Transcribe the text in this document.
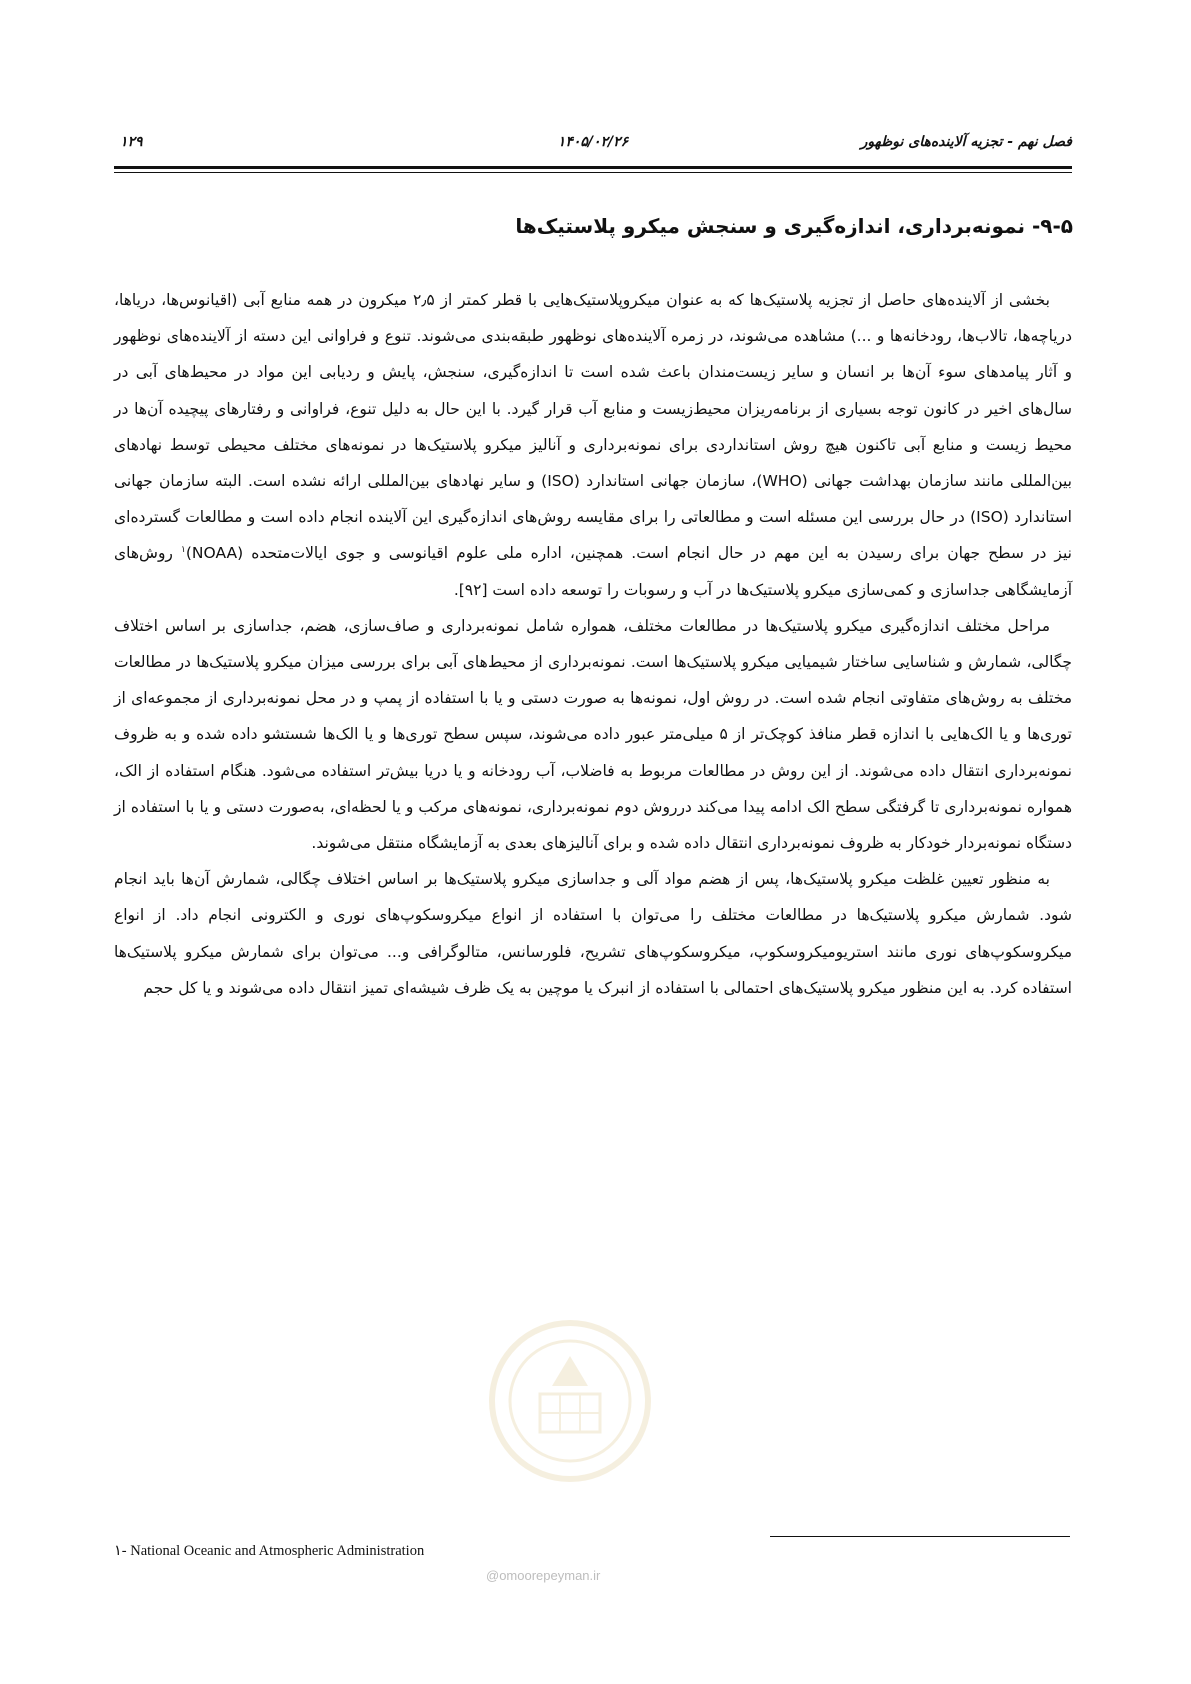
فصل نهم - تجزیه آلاینده‌های نوظهور
۱۴۰۵/۰۲/۲۶
۱۲۹
۹-۵- نمونه‌برداری، اندازه‌گیری و سنجش میکرو پلاستیک‌ها

بخشی از آلاینده‌های حاصل از تجزیه پلاستیک‌ها که به عنوان میکروپلاستیک‌هایی با قطر کمتر از ۲٫۵ میکرون در همه منابع آبی (اقیانوس‌ها، دریاها، دریاچه‌ها، تالاب‌ها، رودخانه‌ها و ...) مشاهده می‌شوند، در زمره آلاینده‌های نوظهور طبقه‌بندی می‌شوند. تنوع و فراوانی این دسته از آلاینده‌های نوظهور و آثار پیامدهای سوء آن‌ها بر انسان و سایر زیست‌مندان باعث شده است تا اندازه‌گیری، سنجش، پایش و ردیابی این مواد در محیط‌های آبی در سال‌های اخیر در کانون توجه بسیاری از برنامه‌ریزان محیط‌زیست و منابع آب قرار گیرد. با این حال به دلیل تنوع، فراوانی و رفتارهای پیچیده آن‌ها در محیط زیست و منابع آبی تاکنون هیچ روش استانداردی برای نمونه‌برداری و آنالیز میکرو پلاستیک‌ها در نمونه‌های مختلف محیطی توسط نهادهای بین‌المللی مانند سازمان بهداشت جهانی (WHO)، سازمان جهانی استاندارد (ISO) و سایر نهادهای بین‌المللی ارائه نشده است. البته سازمان جهانی استاندارد (ISO) در حال بررسی این مسئله است و مطالعاتی را برای مقایسه روش‌های اندازه‌گیری این آلاینده انجام داده است و مطالعات گسترده‌ای نیز در سطح جهان برای رسیدن به این مهم در حال انجام است. همچنین، اداره ملی علوم اقیانوسی و جوی ایالات‌متحده (NOAA)$^۱$ روش‌های آزمایشگاهی جداسازی و کمی‌سازی میکرو پلاستیک‌ها در آب و رسوبات را توسعه داده است [۹۲].

مراحل مختلف اندازه‌گیری میکرو پلاستیک‌ها در مطالعات مختلف، همواره شامل نمونه‌برداری و صاف‌سازی، هضم، جداسازی بر اساس اختلاف چگالی، شمارش و شناسایی ساختار شیمیایی میکرو پلاستیک‌ها است. نمونه‌برداری از محیط‌های آبی برای بررسی میزان میکرو پلاستیک‌ها در مطالعات مختلف به روش‌های متفاوتی انجام شده است. در روش اول، نمونه‌ها به صورت دستی و یا با استفاده از پمپ و در محل نمونه‌برداری از مجموعه‌ای از توری‌ها و یا الک‌هایی با اندازه قطر منافذ کوچک‌تر از ۵ میلی‌متر عبور داده می‌شوند، سپس سطح توری‌ها و یا الک‌ها شستشو داده شده و به ظروف نمونه‌برداری انتقال داده می‌شوند. از این روش در مطالعات مربوط به فاضلاب، آب رودخانه و یا دریا بیش‌تر استفاده می‌شود. هنگام استفاده از الک، همواره نمونه‌برداری تا گرفتگی سطح الک ادامه پیدا می‌کند درروش دوم نمونه‌برداری، نمونه‌های مرکب و یا لحظه‌ای، به‌صورت دستی و یا با استفاده از دستگاه نمونه‌بردار خودکار به ظروف نمونه‌برداری انتقال داده شده و برای آنالیزهای بعدی به آزمایشگاه منتقل می‌شوند.

به منظور تعیین غلظت میکرو پلاستیک‌ها، پس از هضم مواد آلی و جداسازی میکرو پلاستیک‌ها بر اساس اختلاف چگالی، شمارش آن‌ها باید انجام شود. شمارش میکرو پلاستیک‌ها در مطالعات مختلف را می‌توان با استفاده از انواع میکروسکوپ‌های نوری و الکترونی انجام داد. از انواع میکروسکوپ‌های نوری مانند استریومیکروسکوپ، میکروسکوپ‌های تشریح، فلورسانس، متالوگرافی و... می‌توان برای شمارش میکرو پلاستیک‌ها استفاده کرد. به این منظور میکرو پلاستیک‌های احتمالی با استفاده از انبرک یا موچین به یک ظرف شیشه‌ای تمیز انتقال داده می‌شوند و یا کل حجم

@omoorepeyman.ir
۱- National Oceanic and Atmospheric Administration
